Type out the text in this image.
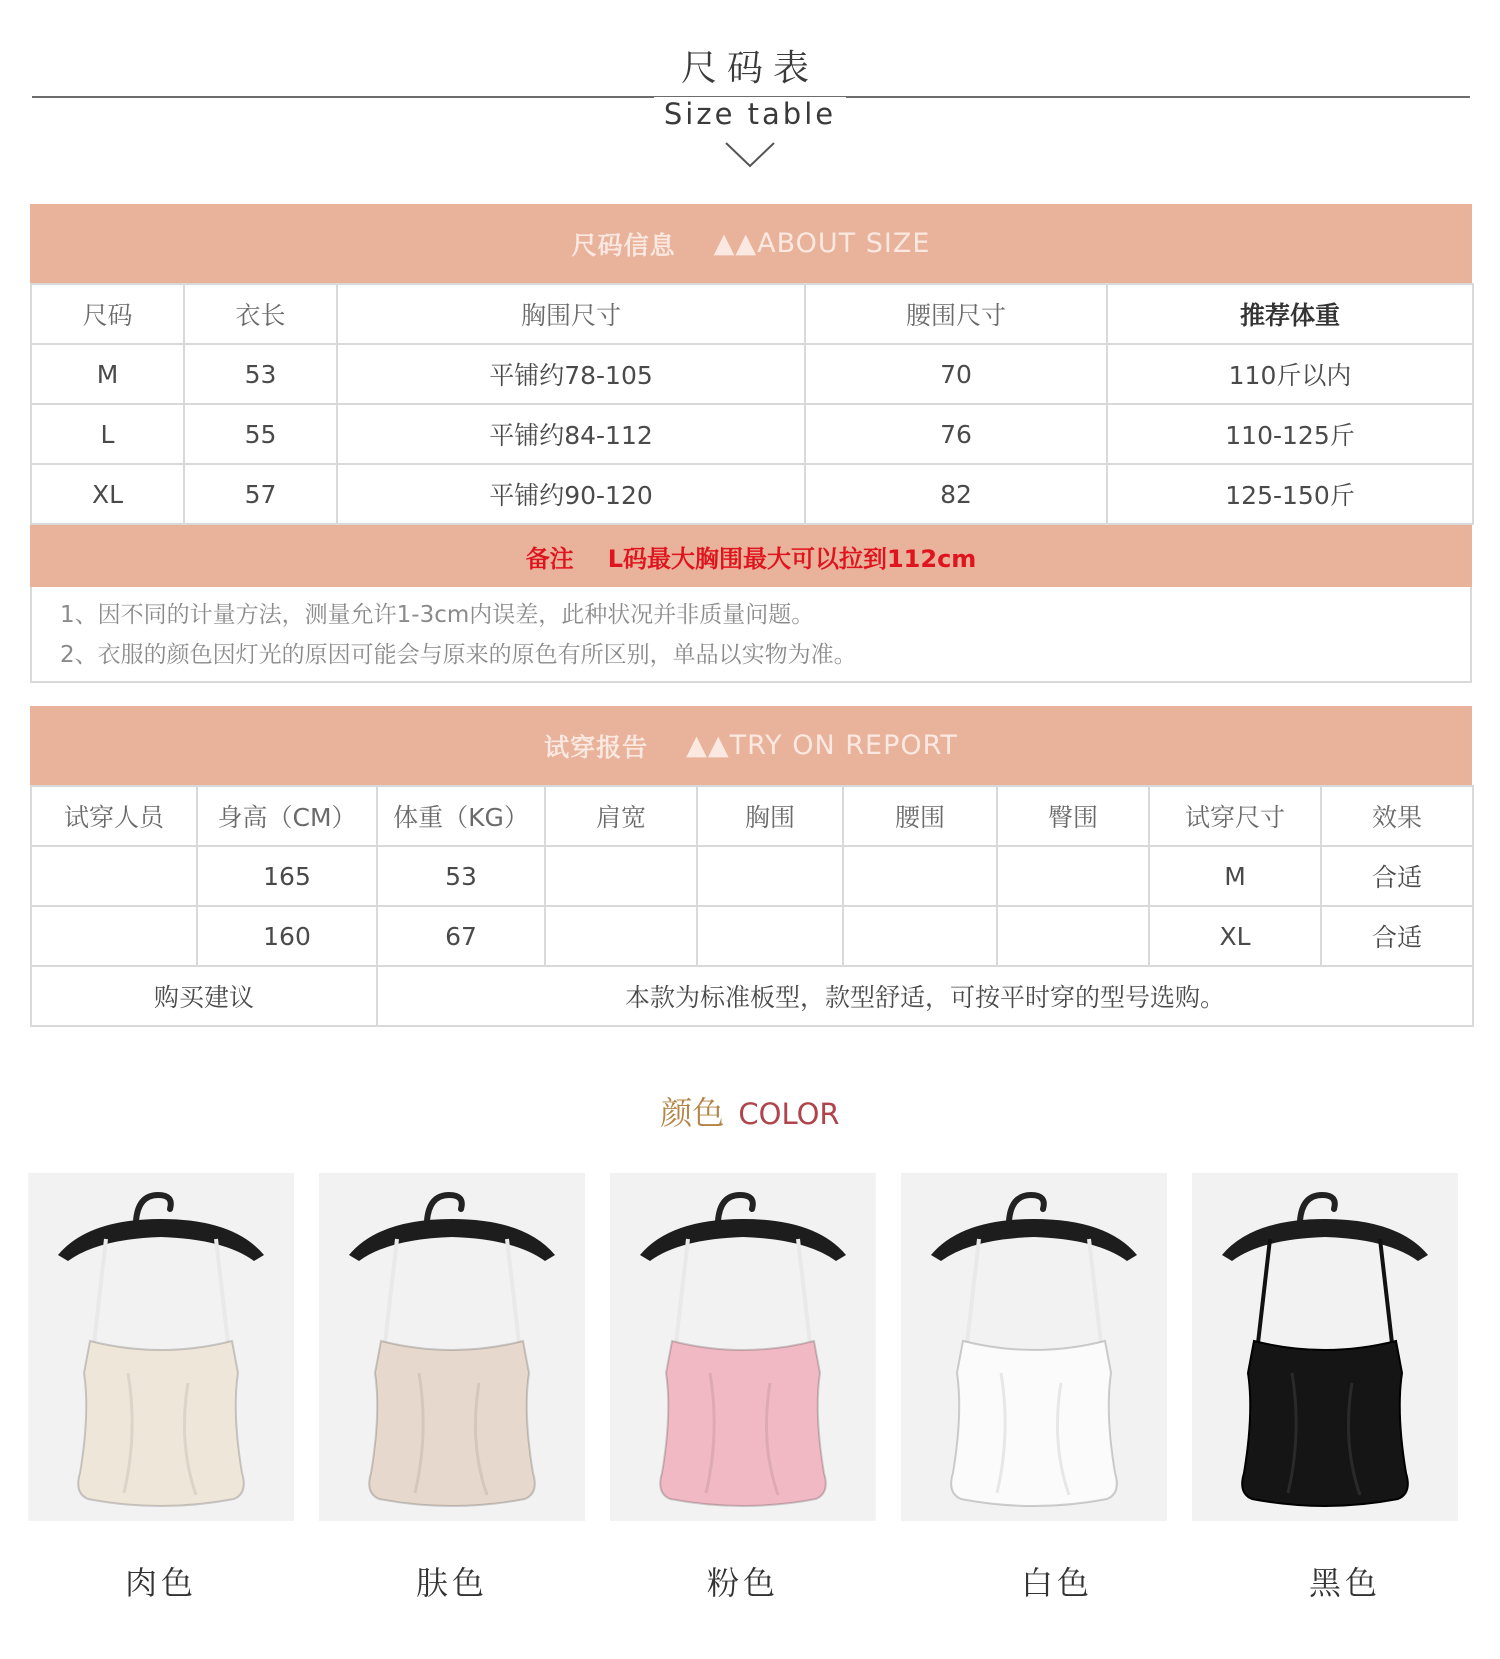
尺码表
Size table
尺码信息 ▲▲ABOUT SIZE
尺码	衣长	胸围尺寸	腰围尺寸	推荐体重
M	53	平铺约78-105	70	110斤以内
L	55	平铺约84-112	76	110-125斤
XL	57	平铺约90-120	82	125-150斤
备注 L码最大胸围最大可以拉到112cm
1、因不同的计量方法，测量允许1-3cm内误差，此种状况并非质量问题。
2、衣服的颜色因灯光的原因可能会与原来的原色有所区别，单品以实物为准。
试穿报告 ▲▲TRY ON REPORT
试穿人员	身高（CM）	体重（KG）	肩宽	胸围	腰围	臀围	试穿尺寸	效果
	165	53					M	合适
	160	67					XL	合适
购买建议		本款为标准板型，款型舒适，可按平时穿的型号选购。						
颜色 COLOR
肉色	肤色	粉色	白色	黑色
